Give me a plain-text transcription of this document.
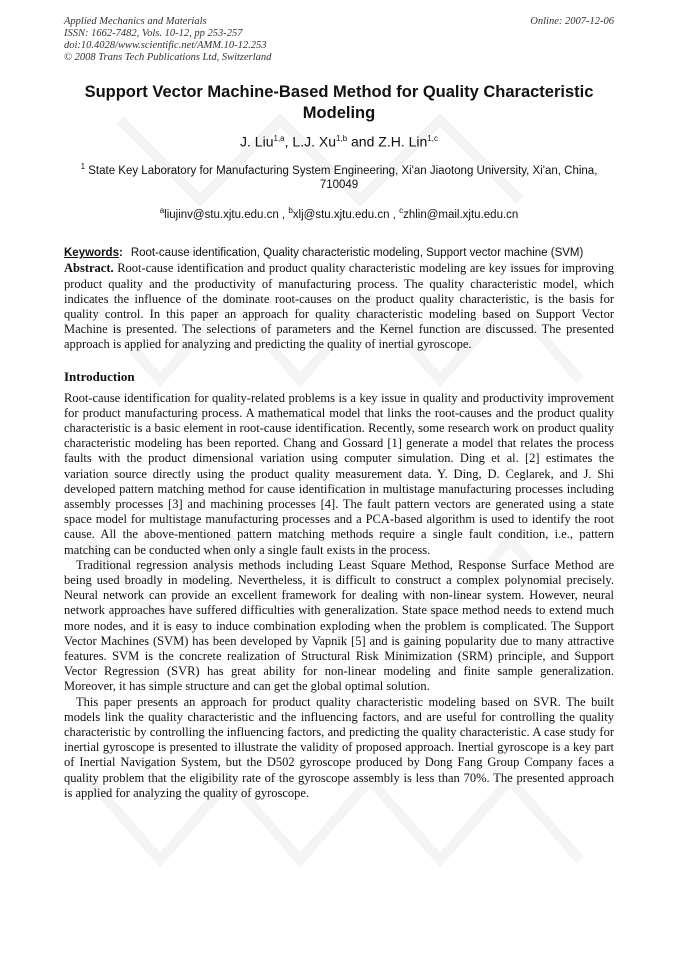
Applied Mechanics and Materials
ISSN: 1662-7482, Vols. 10-12, pp 253-257
doi:10.4028/www.scientific.net/AMM.10-12.253
© 2008 Trans Tech Publications Ltd, Switzerland
Online: 2007-12-06
Support Vector Machine-Based Method for Quality Characteristic Modeling
J. Liu$^{1,a}$, L.J. Xu$^{1,b}$ and Z.H. Lin$^{1,c}$
$^1$ State Key Laboratory for Manufacturing System Engineering, Xi'an Jiaotong University, Xi'an, China, 710049
$^a$liujinv@stu.xjtu.edu.cn , $^b$xlj@stu.xjtu.edu.cn , $^c$zhlin@mail.xjtu.edu.cn
Keywords : Root-cause identification, Quality characteristic modeling, Support vector machine (SVM)

Abstract. Root-cause identification and product quality characteristic modeling are key issues for improving product quality and the productivity of manufacturing process. The quality characteristic model, which indicates the influence of the dominate root-causes on the product quality characteristic, is the basis for quality control. In this paper an approach for quality characteristic modeling based on Support Vector Machine is presented. The selections of parameters and the Kernel function are discussed. The presented approach is applied for analyzing and predicting the quality of inertial gyroscope.

Introduction

Root-cause identification for quality-related problems is a key issue in quality and productivity improvement for product manufacturing process. A mathematical model that links the root-causes and the product quality characteristic is a basic element in root-cause identification. Recently, some research work on product quality characteristic modeling has been reported. Chang and Gossard [1] generate a model that relates the process faults with the product dimensional variation using computer simulation. Ding et al. [2] estimates the variation source directly using the product quality measurement data. Y. Ding, D. Ceglarek, and J. Shi developed pattern matching method for cause identification in multistage manufacturing processes including assembly processes [3] and machining processes [4]. The fault pattern vectors are generated using a state space model for multistage manufacturing processes and a PCA-based algorithm is used to identify the root cause. All the above-mentioned pattern matching methods require a single fault condition, i.e., pattern matching can be conducted when only a single fault exists in the process.

Traditional regression analysis methods including Least Square Method, Response Surface Method are being used broadly in modeling. Nevertheless, it is difficult to construct a complex polynomial precisely. Neural network can provide an excellent framework for dealing with non-linear system. However, neural network approaches have suffered difficulties with generalization. State space method needs to extend much more nodes, and it is easy to induce combination exploding when the problem is complicated. The Support Vector Machines (SVM) has been developed by Vapnik [5] and is gaining popularity due to many attractive features. SVM is the concrete realization of Structural Risk Minimization (SRM) principle, and Support Vector Regression (SVR) has great ability for non-linear modeling and finite sample generalization. Moreover, it has simple structure and can get the global optimal solution.

This paper presents an approach for product quality characteristic modeling based on SVR. The built models link the quality characteristic and the influencing factors, and are useful for controlling the quality characteristic by controlling the influencing factors, and predicting the quality characteristic. A case study for inertial gyroscope is presented to illustrate the validity of proposed approach. Inertial gyroscope is a key part of Inertial Navigation System, but the D502 gyroscope produced by Dong Fang Group Company faces a quality problem that the eligibility rate of the gyroscope assembly is less than 70%. The presented approach is applied for analyzing the quality of gyroscope.
